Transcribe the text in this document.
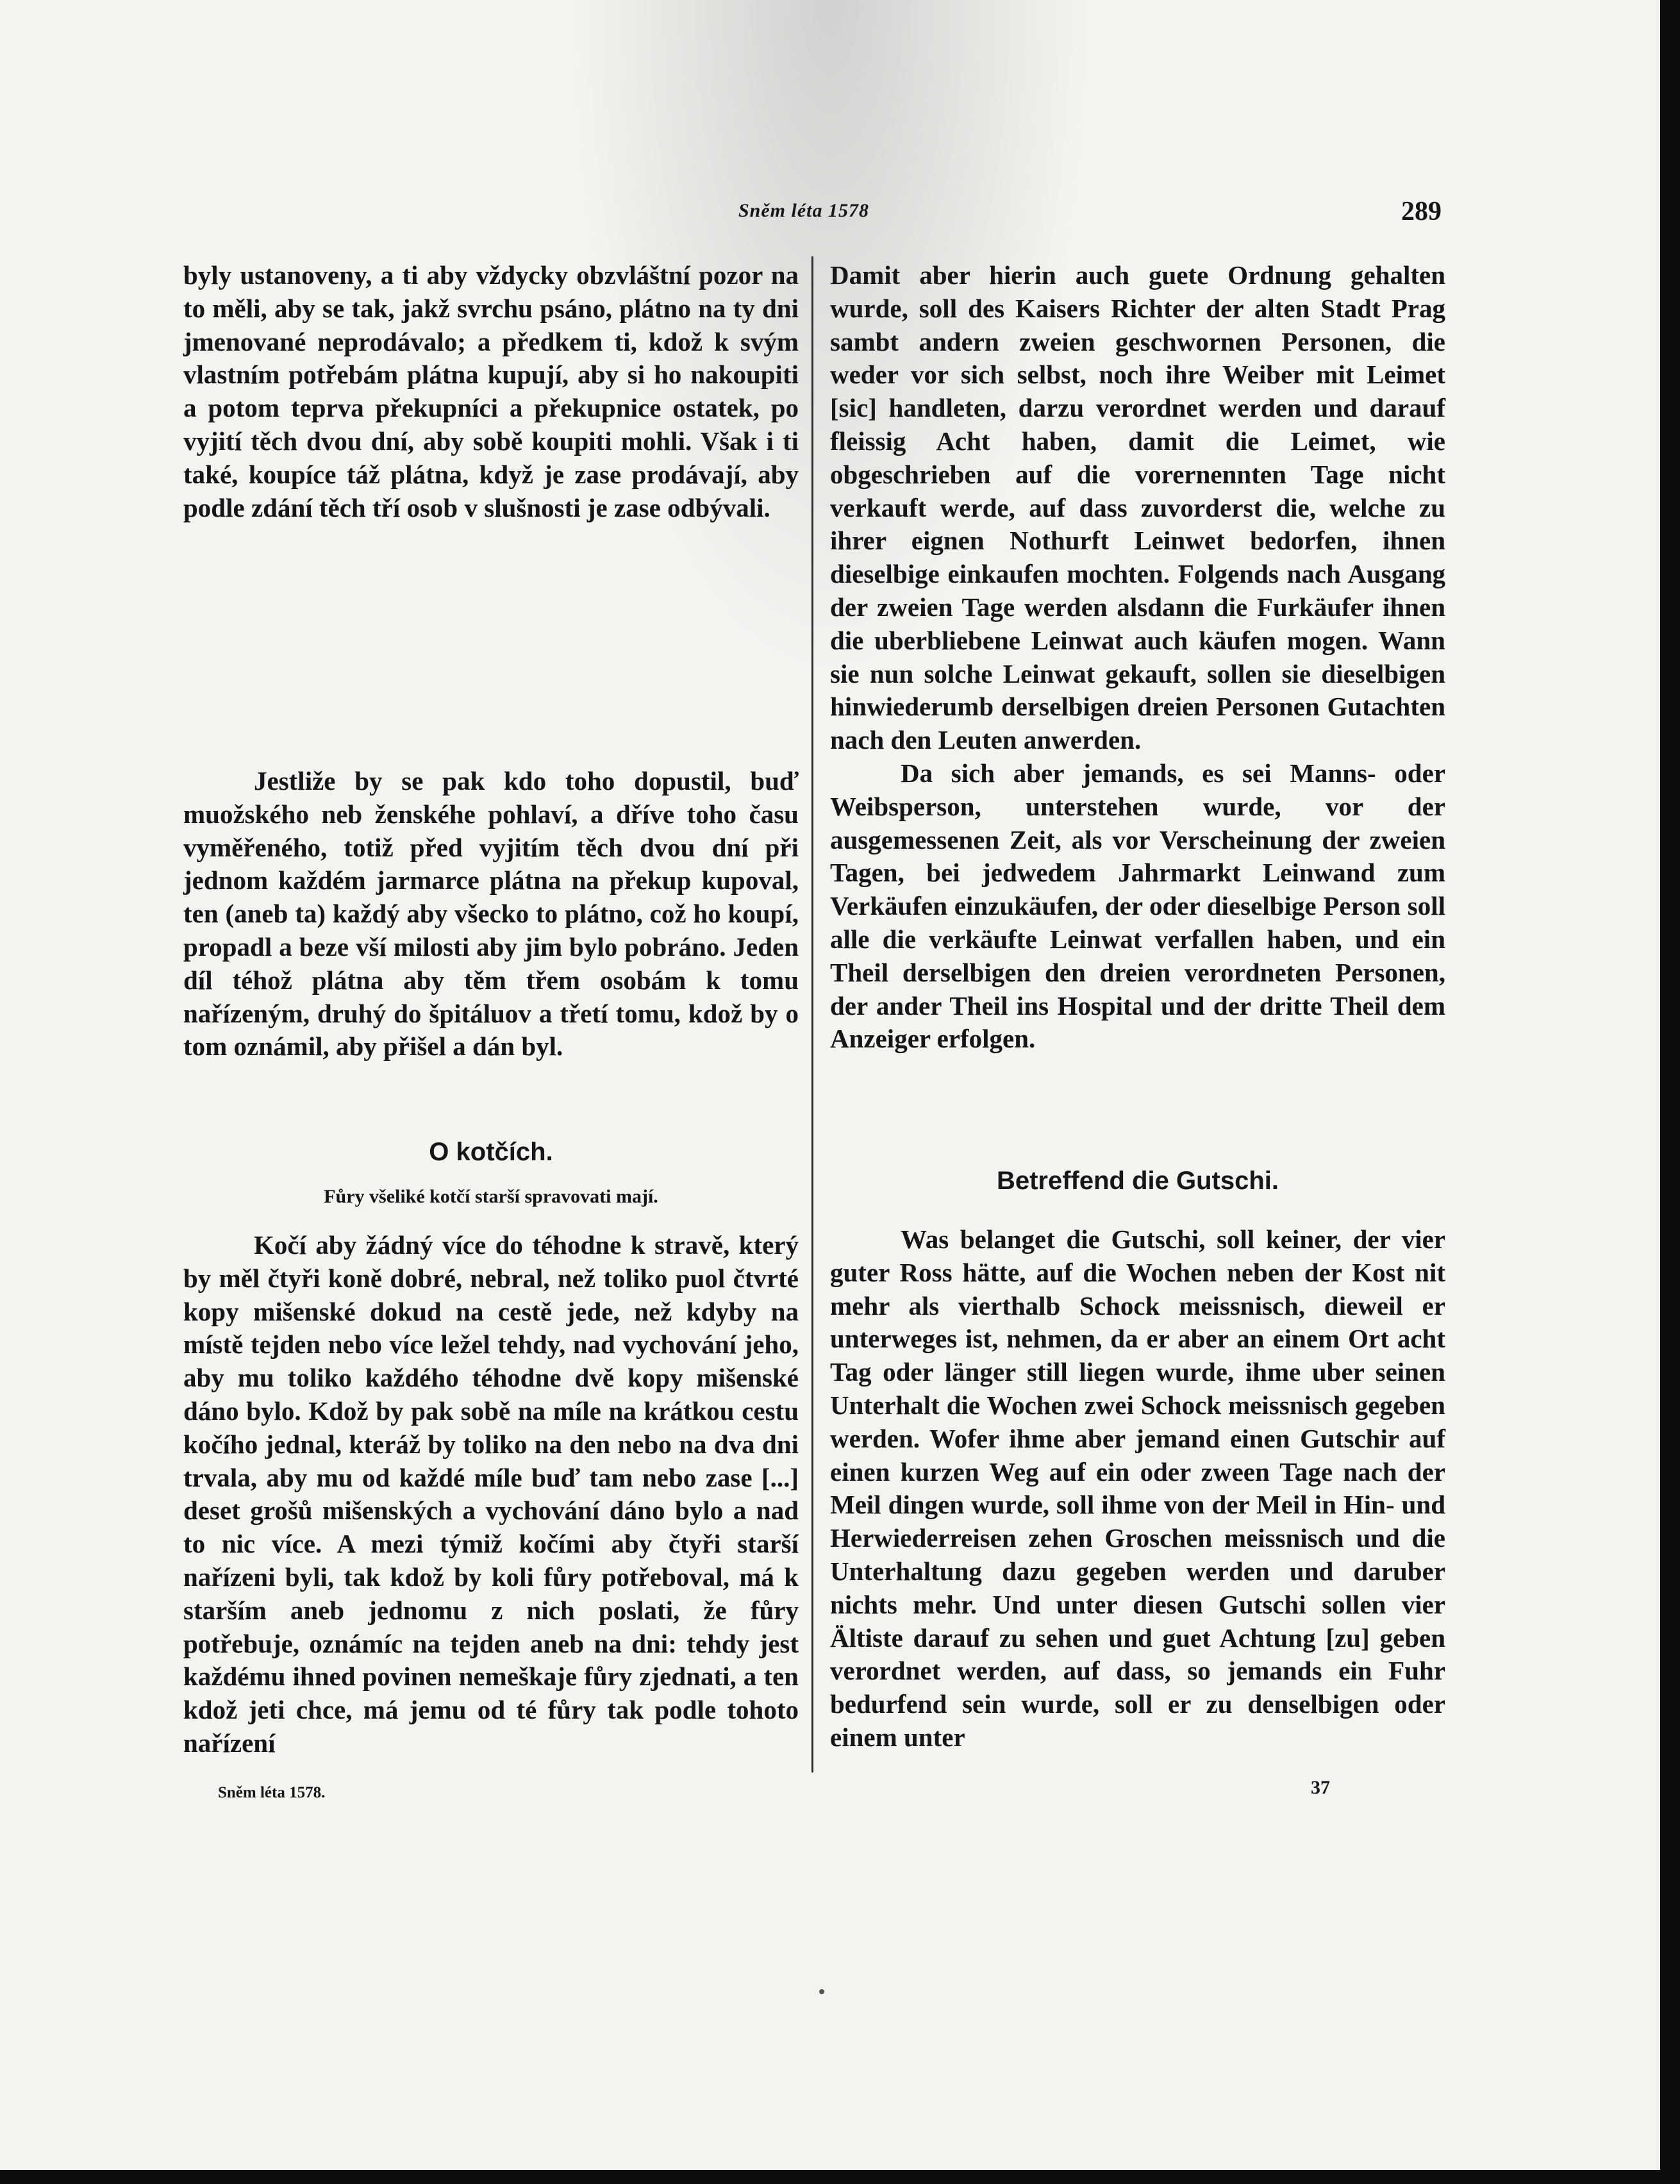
Sněm léta 1578	289

byly ustanoveny, a ti aby vždycky obzvláštní pozor na to měli, aby se tak, jakž svrchu psáno, plátno na ty dni jmenované neprodávalo; a předkem ti, kdož k svým vlastním potřebám plátna kupují, aby si ho nakoupiti a potom teprva překupníci a překupnice ostatek, po vyjití těch dvou dní, aby sobě koupiti mohli. Však i ti také, koupíce táž plátna, když je zase prodávají, aby podle zdání těch tří osob v slušnosti je zase odbývali.

Jestliže by se pak kdo toho dopustil, buď muožského neb ženskéhe pohlaví, a dříve toho času vyměřeného, totiž před vyjitím těch dvou dní při jednom každém jarmarce plátna na překup kupoval, ten (aneb ta) každý aby všecko to plátno, což ho koupí, propadl a beze vší milosti aby jim bylo pobráno. Jeden díl téhož plátna aby těm třem osobám k tomu nařízeným, druhý do špitáluov a třetí tomu, kdož by o tom oznámil, aby přišel a dán byl.

O kotčích.
Fůry všeliké kotčí starší spravovati mají.

Kočí aby žádný více do téhodne k stravě, který by měl čtyři koně dobré, nebral, než toliko puol čtvrté kopy mišenské dokud na cestě jede, než kdyby na místě tejden nebo více ležel tehdy, nad vychování jeho, aby mu toliko každého téhodne dvě kopy mišenské dáno bylo. Kdož by pak sobě na míle na krátkou cestu kočího jednal, kteráž by toliko na den nebo na dva dni trvala, aby mu od každé míle buď tam nebo zase [...] deset grošů mišenských a vychování dáno bylo a nad to nic více. A mezi týmiž kočími aby čtyři starší nařízeni byli, tak kdož by koli fůry potřeboval, má k starším aneb jednomu z nich poslati, že fůry potřebuje, oznámíc na tejden aneb na dni: tehdy jest každému ihned povinen nemeškaje fůry zjednati, a ten kdož jeti chce, má jemu od té fůry tak podle tohoto nařízení

Damit aber hierin auch guete Ordnung gehalten wurde, soll des Kaisers Richter der alten Stadt Prag sambt andern zweien geschwornen Personen, die weder vor sich selbst, noch ihre Weiber mit Leimet [sic] handleten, darzu verordnet werden und darauf fleissig Acht haben, damit die Leimet, wie obgeschrieben auf die vorernennten Tage nicht verkauft werde, auf dass zuvorderst die, welche zu ihrer eignen Nothurft Leinwet bedorfen, ihnen dieselbige einkaufen mochten. Folgends nach Ausgang der zweien Tage werden alsdann die Furkäufer ihnen die uberbliebene Leinwat auch käufen mogen. Wann sie nun solche Leinwat gekauft, sollen sie dieselbigen hinwiederumb derselbigen dreien Personen Gutachten nach den Leuten anwerden.

Da sich aber jemands, es sei Manns- oder Weibsperson, unterstehen wurde, vor der ausgemessenen Zeit, als vor Verscheinung der zweien Tagen, bei jedwedem Jahrmarkt Leinwand zum Verkäufen einzukäufen, der oder dieselbige Person soll alle die verkäufte Leinwat verfallen haben, und ein Theil derselbigen den dreien verordneten Personen, der ander Theil ins Hospital und der dritte Theil dem Anzeiger erfolgen.

Betreffend die Gutschi.

Was belanget die Gutschi, soll keiner, der vier guter Ross hätte, auf die Wochen neben der Kost nit mehr als vierthalb Schock meissnisch, dieweil er unterweges ist, nehmen, da er aber an einem Ort acht Tag oder länger still liegen wurde, ihme uber seinen Unterhalt die Wochen zwei Schock meissnisch gegeben werden. Wofer ihme aber jemand einen Gutschir auf einen kurzen Weg auf ein oder zween Tage nach der Meil dingen wurde, soll ihme von der Meil in Hin- und Herwiederreisen zehen Groschen meissnisch und die Unterhaltung dazu gegeben werden und daruber nichts mehr. Und unter diesen Gutschi sollen vier Ältiste darauf zu sehen und guet Achtung [zu] geben verordnet werden, auf dass, so jemands ein Fuhr bedurfend sein wurde, soll er zu denselbigen oder einem unter

Sněm léta 1578.	37
